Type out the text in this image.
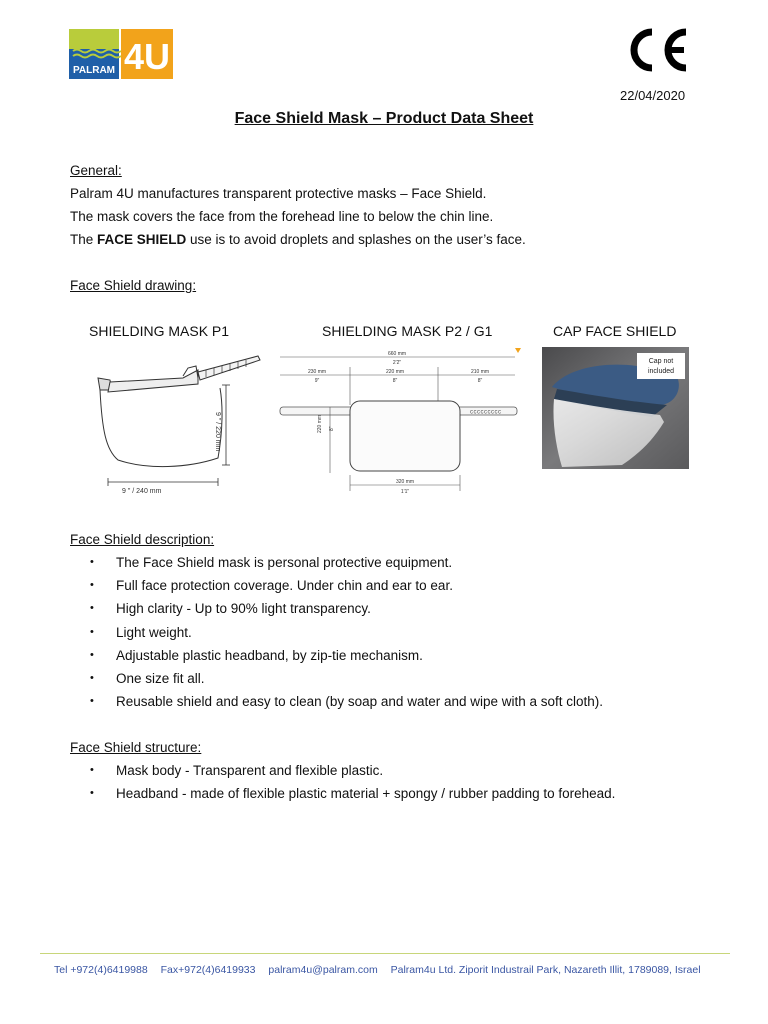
PALRAM 4U
22/04/2020
Face Shield Mask – Product Data Sheet
General:
Palram 4U manufactures transparent protective masks – Face Shield.
The mask covers the face from the forehead line to below the chin line.
The FACE SHIELD use is to avoid droplets and splashes on the user’s face.
Face Shield drawing:
SHIELDING MASK P1	SHIELDING MASK P2 / G1	CAP FACE SHIELD
9 " / 220 mm
9 " / 240 mm
660 mm
2'2"
230 mm
9"
220 mm
8"
210 mm
8"
ccccccccc
220 mm 8"
320 mm
1'1"
Cap not
included
Face Shield description:
• The Face Shield mask is personal protective equipment.
• Full face protection coverage. Under chin and ear to ear.
• High clarity - Up to 90% light transparency.
• Light weight.
• Adjustable plastic headband, by zip-tie mechanism.
• One size fit all.
• Reusable shield and easy to clean (by soap and water and wipe with a soft cloth).
Face Shield structure:
• Mask body - Transparent and flexible plastic.
• Headband - made of flexible plastic material + spongy / rubber padding to forehead.
Tel +972(4)6419988 Fax+972(4)6419933 palram4u@palram.com Palram4u Ltd. Ziporit Industrail Park, Nazareth Illit, 1789089, Israel
